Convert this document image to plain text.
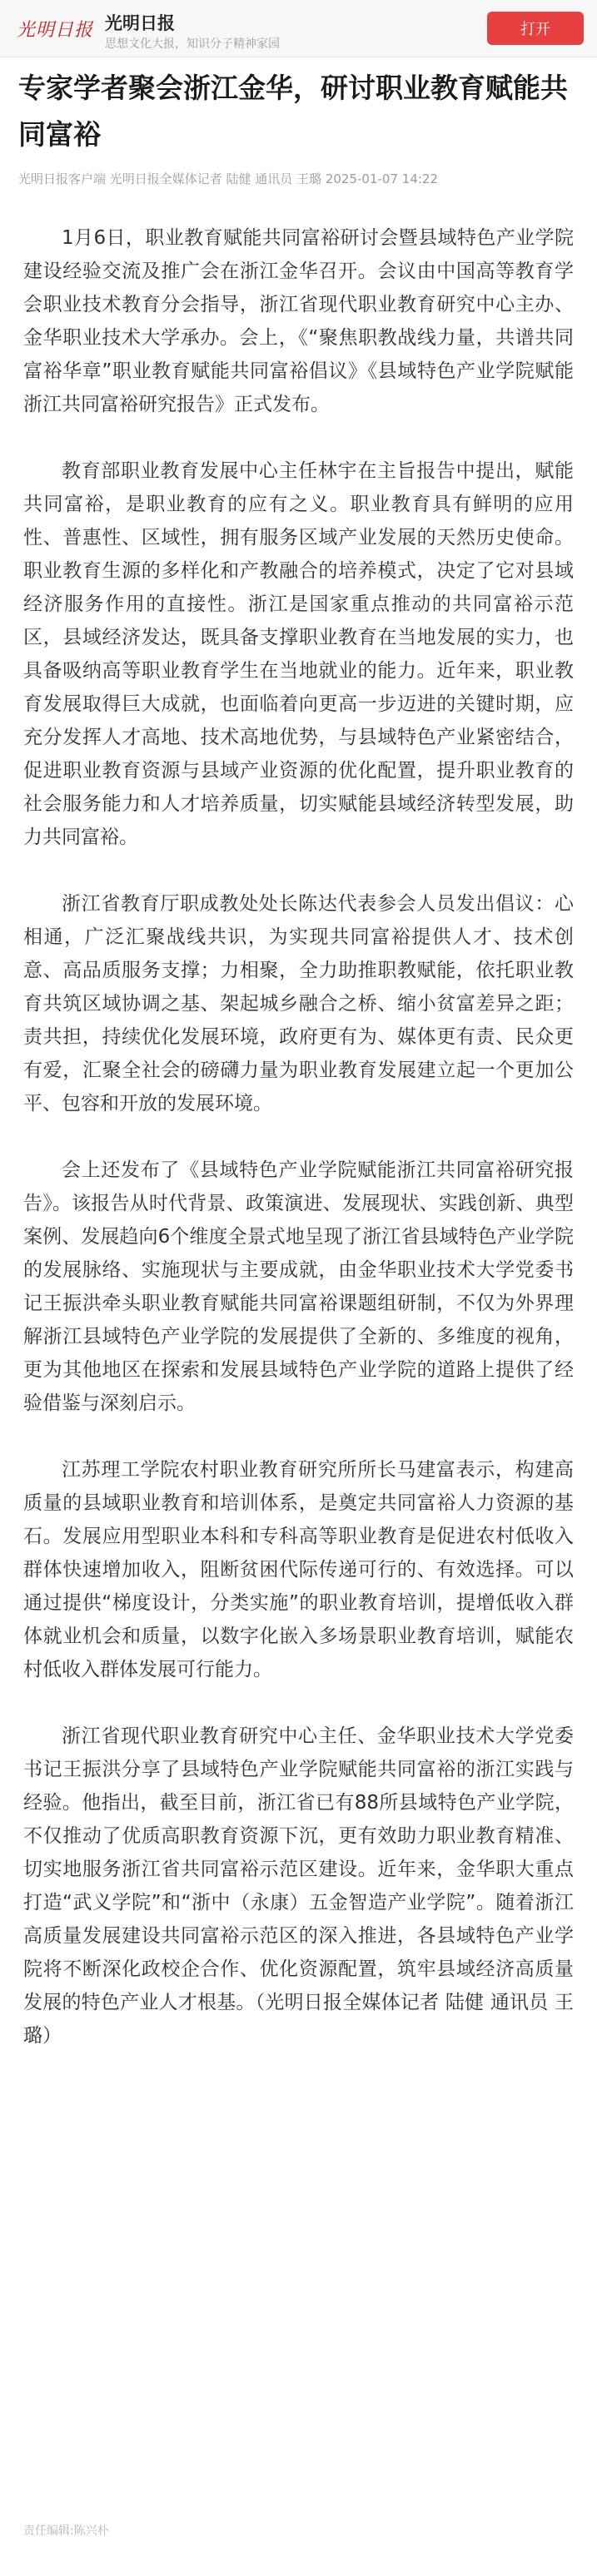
光明日报 光明日报
思想文化大报，知识分子精神家园
打开
专家学者聚会浙江金华，研讨职业教育赋能共同富裕
光明日报客户端 光明日报全媒体记者 陆健 通讯员 王璐 2025-01-07 14:22

1月6日，职业教育赋能共同富裕研讨会暨县域特色产业学院建设经验交流及推广会在浙江金华召开。会议由中国高等教育学会职业技术教育分会指导，浙江省现代职业教育研究中心主办、金华职业技术大学承办。会上，《“聚焦职教战线力量，共谱共同富裕华章”职业教育赋能共同富裕倡议》《县域特色产业学院赋能浙江共同富裕研究报告》正式发布。

教育部职业教育发展中心主任林宇在主旨报告中提出，赋能共同富裕，是职业教育的应有之义。职业教育具有鲜明的应用性、普惠性、区域性，拥有服务区域产业发展的天然历史使命。职业教育生源的多样化和产教融合的培养模式，决定了它对县域经济服务作用的直接性。浙江是国家重点推动的共同富裕示范区，县域经济发达，既具备支撑职业教育在当地发展的实力，也具备吸纳高等职业教育学生在当地就业的能力。近年来，职业教育发展取得巨大成就，也面临着向更高一步迈进的关键时期，应充分发挥人才高地、技术高地优势，与县域特色产业紧密结合，促进职业教育资源与县域产业资源的优化配置，提升职业教育的社会服务能力和人才培养质量，切实赋能县域经济转型发展，助力共同富裕。

浙江省教育厅职成教处处长陈达代表参会人员发出倡议：心相通，广泛汇聚战线共识，为实现共同富裕提供人才、技术创意、高品质服务支撑；力相聚，全力助推职教赋能，依托职业教育共筑区域协调之基、架起城乡融合之桥、缩小贫富差异之距；责共担，持续优化发展环境，政府更有为、媒体更有责、民众更有爱，汇聚全社会的磅礴力量为职业教育发展建立起一个更加公平、包容和开放的发展环境。

会上还发布了《县域特色产业学院赋能浙江共同富裕研究报告》。该报告从时代背景、政策演进、发展现状、实践创新、典型案例、发展趋向6个维度全景式地呈现了浙江省县域特色产业学院的发展脉络、实施现状与主要成就，由金华职业技术大学党委书记王振洪牵头职业教育赋能共同富裕课题组研制，不仅为外界理解浙江县域特色产业学院的发展提供了全新的、多维度的视角，更为其他地区在探索和发展县域特色产业学院的道路上提供了经验借鉴与深刻启示。

江苏理工学院农村职业教育研究所所长马建富表示，构建高质量的县域职业教育和培训体系，是奠定共同富裕人力资源的基石。发展应用型职业本科和专科高等职业教育是促进农村低收入群体快速增加收入，阻断贫困代际传递可行的、有效选择。可以通过提供“梯度设计，分类实施”的职业教育培训，提增低收入群体就业机会和质量，以数字化嵌入多场景职业教育培训，赋能农村低收入群体发展可行能力。

浙江省现代职业教育研究中心主任、金华职业技术大学党委书记王振洪分享了县域特色产业学院赋能共同富裕的浙江实践与经验。他指出，截至目前，浙江省已有88所县域特色产业学院，不仅推动了优质高职教育资源下沉，更有效助力职业教育精准、切实地服务浙江省共同富裕示范区建设。近年来，金华职大重点打造“武义学院”和“浙中（永康）五金智造产业学院”。随着浙江高质量发展建设共同富裕示范区的深入推进，各县域特色产业学院将不断深化政校企合作、优化资源配置，筑牢县域经济高质量发展的特色产业人才根基。（光明日报全媒体记者 陆健 通讯员 王璐）

责任编辑:陈兴朴
